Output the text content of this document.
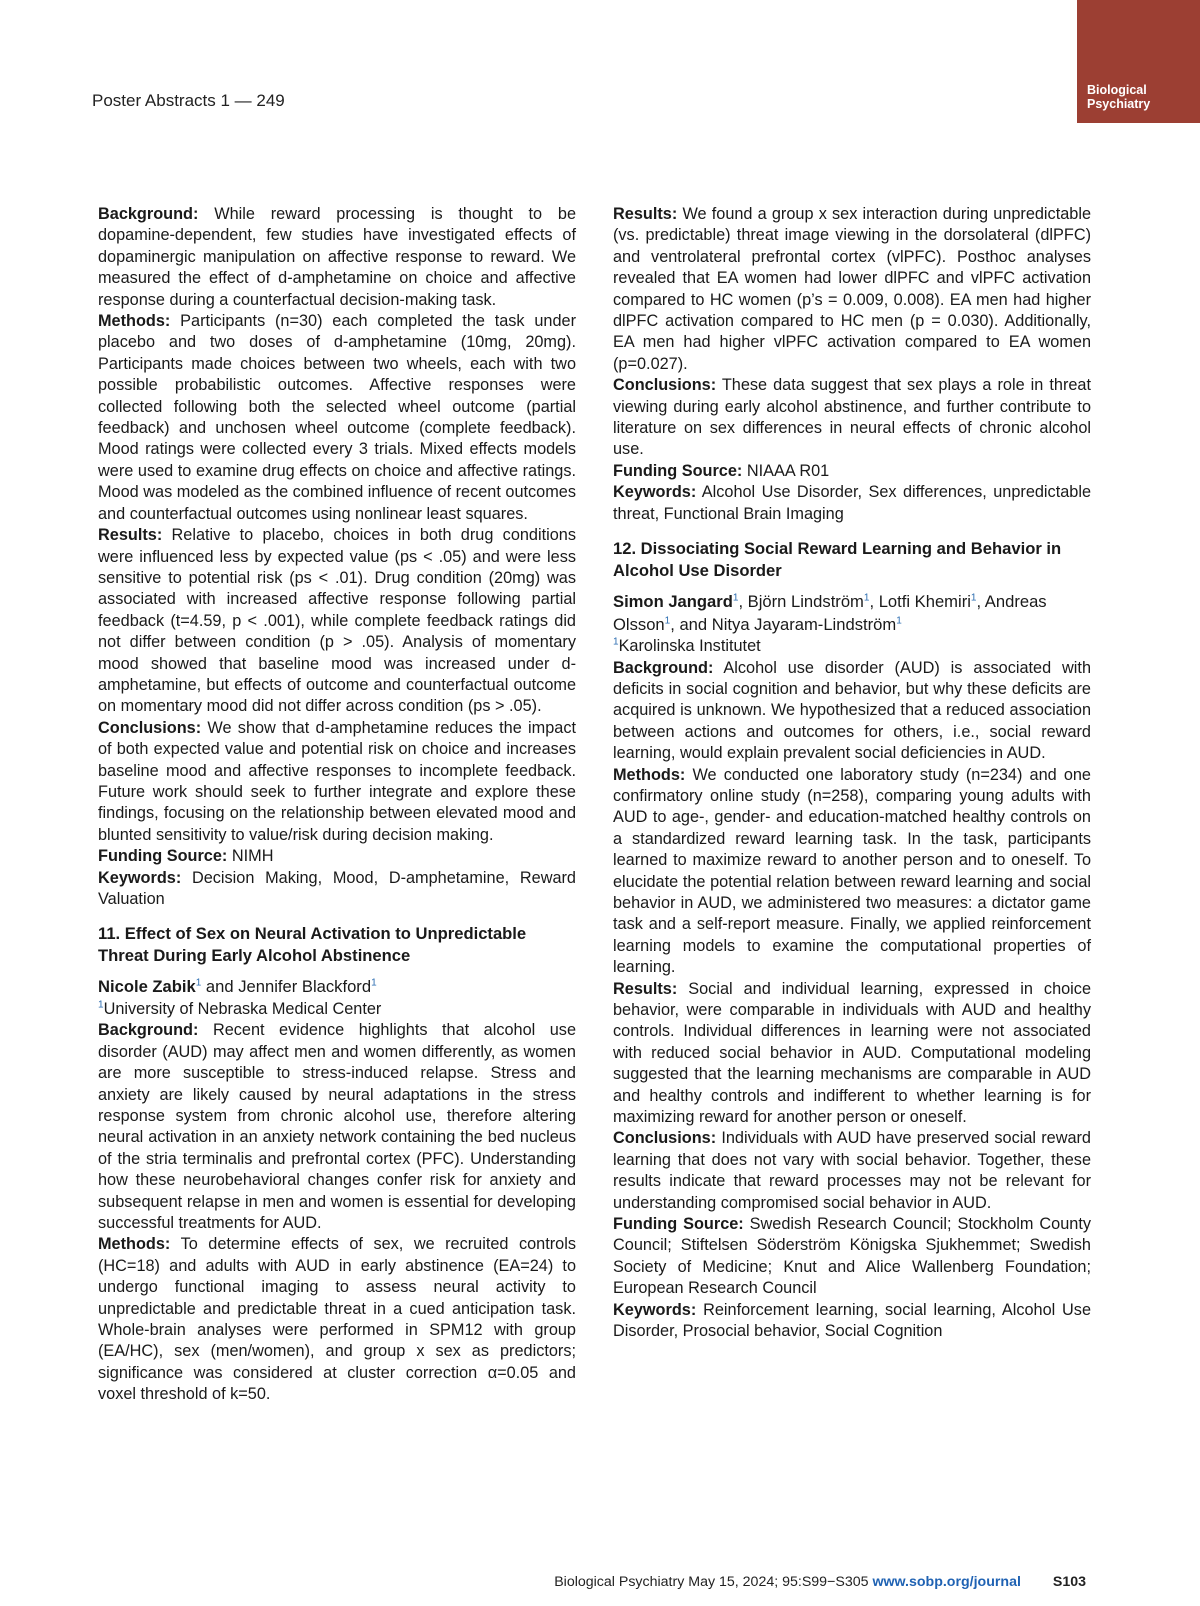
Poster Abstracts 1 — 249
Biological
Psychiatry

Background: While reward processing is thought to be dopamine-dependent, few studies have investigated effects of dopaminergic manipulation on affective response to reward. We measured the effect of d-amphetamine on choice and affective response during a counterfactual decision-making task.

Methods: Participants (n=30) each completed the task under placebo and two doses of d-amphetamine (10mg, 20mg). Participants made choices between two wheels, each with two possible probabilistic outcomes. Affective responses were collected following both the selected wheel outcome (partial feedback) and unchosen wheel outcome (complete feedback). Mood ratings were collected every 3 trials. Mixed effects models were used to examine drug effects on choice and affective ratings. Mood was modeled as the combined influence of recent outcomes and counterfactual outcomes using nonlinear least squares.

Results: Relative to placebo, choices in both drug conditions were influenced less by expected value (ps < .05) and were less sensitive to potential risk (ps < .01). Drug condition (20mg) was associated with increased affective response following partial feedback (t=4.59, p < .001), while complete feedback ratings did not differ between condition (p > .05). Analysis of momentary mood showed that baseline mood was increased under d-amphetamine, but effects of outcome and counterfactual outcome on momentary mood did not differ across condition (ps > .05).

Conclusions: We show that d-amphetamine reduces the impact of both expected value and potential risk on choice and increases baseline mood and affective responses to incomplete feedback. Future work should seek to further integrate and explore these findings, focusing on the relationship between elevated mood and blunted sensitivity to value/risk during decision making.

Funding Source: NIMH

Keywords: Decision Making, Mood, D-amphetamine, Reward Valuation

11. Effect of Sex on Neural Activation to Unpredictable Threat During Early Alcohol Abstinence

Nicole Zabik$^1$ and Jennifer Blackford$^1$

$^1$University of Nebraska Medical Center

Background: Recent evidence highlights that alcohol use disorder (AUD) may affect men and women differently, as women are more susceptible to stress-induced relapse. Stress and anxiety are likely caused by neural adaptations in the stress response system from chronic alcohol use, therefore altering neural activation in an anxiety network containing the bed nucleus of the stria terminalis and prefrontal cortex (PFC). Understanding how these neurobehavioral changes confer risk for anxiety and subsequent relapse in men and women is essential for developing successful treatments for AUD.

Methods: To determine effects of sex, we recruited controls (HC=18) and adults with AUD in early abstinence (EA=24) to undergo functional imaging to assess neural activity to unpredictable and predictable threat in a cued anticipation task. Whole-brain analyses were performed in SPM12 with group (EA/HC), sex (men/women), and group x sex as predictors; significance was considered at cluster correction α=0.05 and voxel threshold of k=50.

Results: We found a group x sex interaction during unpredictable (vs. predictable) threat image viewing in the dorsolateral (dlPFC) and ventrolateral prefrontal cortex (vlPFC). Posthoc analyses revealed that EA women had lower dlPFC and vlPFC activation compared to HC women (p’s = 0.009, 0.008). EA men had higher dlPFC activation compared to HC men (p = 0.030). Additionally, EA men had higher vlPFC activation compared to EA women (p=0.027).

Conclusions: These data suggest that sex plays a role in threat viewing during early alcohol abstinence, and further contribute to literature on sex differences in neural effects of chronic alcohol use.

Funding Source: NIAAA R01

Keywords: Alcohol Use Disorder, Sex differences, unpredictable threat, Functional Brain Imaging

12. Dissociating Social Reward Learning and Behavior in Alcohol Use Disorder

Simon Jangard$^1$, Björn Lindström$^1$, Lotfi Khemiri$^1$, Andreas Olsson$^1$, and Nitya Jayaram-Lindström$^1$

$^1$Karolinska Institutet

Background: Alcohol use disorder (AUD) is associated with deficits in social cognition and behavior, but why these deficits are acquired is unknown. We hypothesized that a reduced association between actions and outcomes for others, i.e., social reward learning, would explain prevalent social deficiencies in AUD.

Methods: We conducted one laboratory study (n=234) and one confirmatory online study (n=258), comparing young adults with AUD to age-, gender- and education-matched healthy controls on a standardized reward learning task. In the task, participants learned to maximize reward to another person and to oneself. To elucidate the potential relation between reward learning and social behavior in AUD, we administered two measures: a dictator game task and a self-report measure. Finally, we applied reinforcement learning models to examine the computational properties of learning.

Results: Social and individual learning, expressed in choice behavior, were comparable in individuals with AUD and healthy controls. Individual differences in learning were not associated with reduced social behavior in AUD. Computational modeling suggested that the learning mechanisms are comparable in AUD and healthy controls and indifferent to whether learning is for maximizing reward for another person or oneself.

Conclusions: Individuals with AUD have preserved social reward learning that does not vary with social behavior. Together, these results indicate that reward processes may not be relevant for understanding compromised social behavior in AUD.

Funding Source: Swedish Research Council; Stockholm County Council; Stiftelsen Söderström Königska Sjukhemmet; Swedish Society of Medicine; Knut and Alice Wallenberg Foundation; European Research Council

Keywords: Reinforcement learning, social learning, Alcohol Use Disorder, Prosocial behavior, Social Cognition

Biological Psychiatry May 15, 2024; 95:S99−S305 www.sobp.org/journal S103
